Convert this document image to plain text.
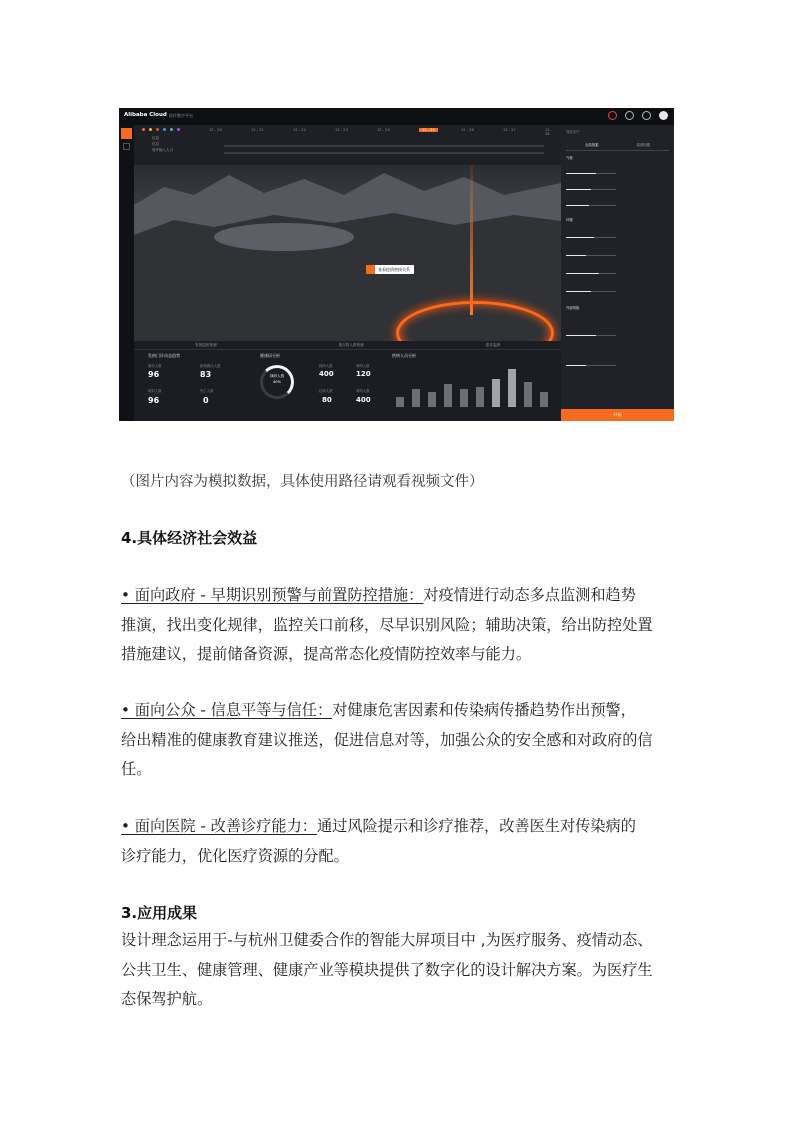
Alibaba Cloud 医疗数字平台
信息
信息
境外输入人口
12 - 20	12 - 21	12 - 22	12 - 23	12 - 24	12 - 25	12 - 26	12 - 27	12 - 28
查看疫情密接关系
发展趋势预测	重点防人群预测	需求监测
发热门诊动态趋势
就诊人数	新增确诊人数
96	83
疑似人数	死亡人数
96	0
健康码分析
绿码人数
40%
绿码人数	黄码人数
400	120
红码人数	黄码人数
80	400
疾病人员分析
搜索条件
全局因素	局部因素
气象
环境
外部风险
开始
（图片内容为模拟数据，具体使用路径请观看视频文件）
4.具体经济社会效益
• 面向政府 - 早期识别预警与前置防控措施：对疫情进行动态多点监测和趋势
推演，找出变化规律，监控关口前移，尽早识别风险；辅助决策，给出防控处置
措施建议，提前储备资源，提高常态化疫情防控效率与能力。
• 面向公众 - 信息平等与信任：对健康危害因素和传染病传播趋势作出预警，
给出精准的健康教育建议推送，促进信息对等，加强公众的安全感和对政府的信
任。
• 面向医院 - 改善诊疗能力：通过风险提示和诊疗推荐，改善医生对传染病的
诊疗能力，优化医疗资源的分配。
3.应用成果
设计理念运用于-与杭州卫健委合作的智能大屏项目中 ,为医疗服务、疫情动态、
公共卫生、健康管理、健康产业等模块提供了数字化的设计解决方案。为医疗生
态保驾护航。
